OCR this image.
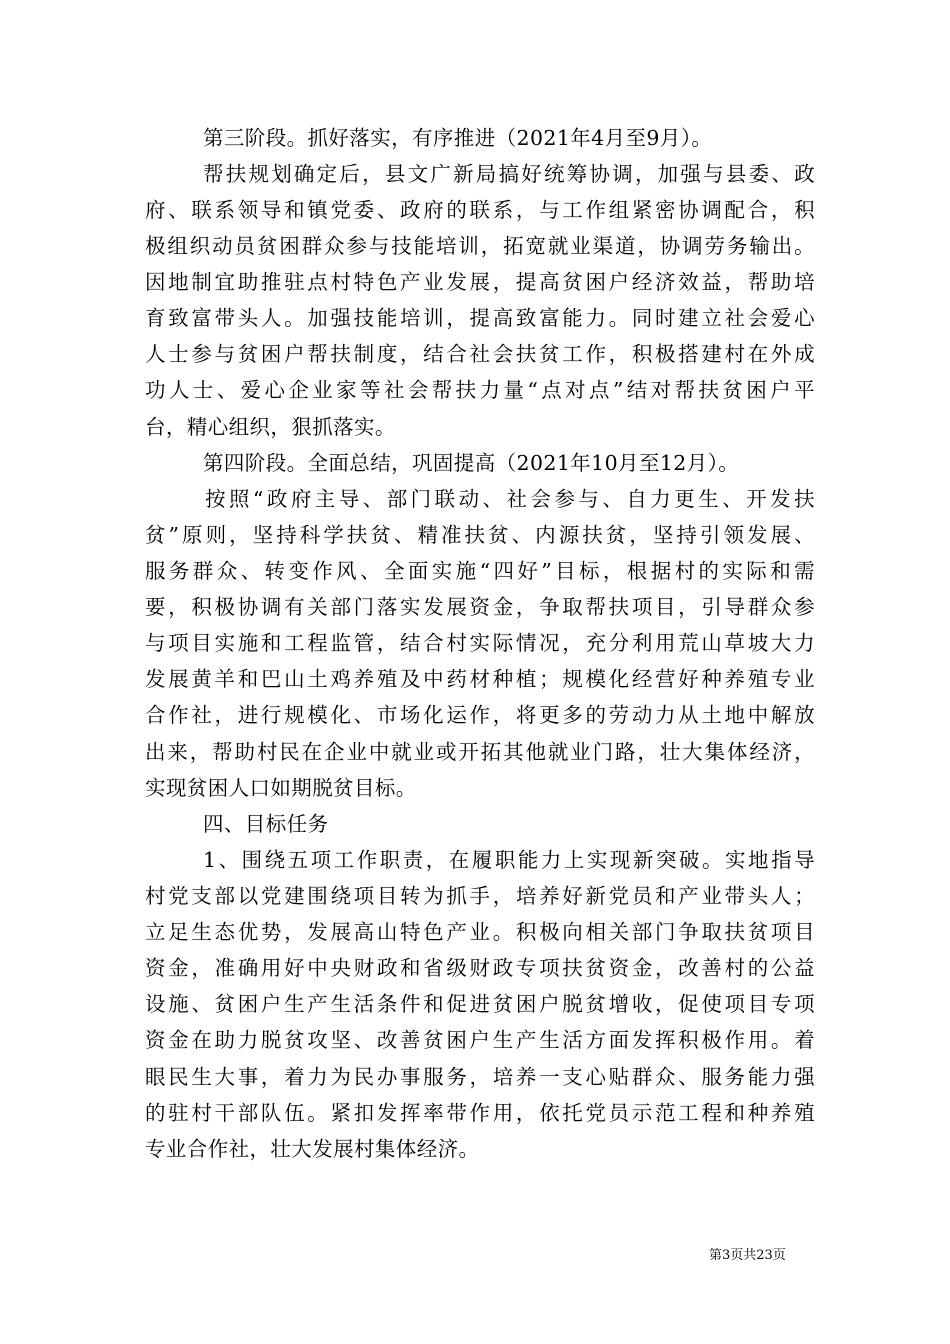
第三阶段。抓好落实，有序推进（2021年4月至9月）。
帮扶规划确定后，县文广新局搞好统筹协调，加强与县委、政
府、联系领导和镇党委、政府的联系，与工作组紧密协调配合，积
极组织动员贫困群众参与技能培训，拓宽就业渠道，协调劳务输出。
因地制宜助推驻点村特色产业发展，提高贫困户经济效益，帮助培
育致富带头人。加强技能培训，提高致富能力。同时建立社会爱心
人士参与贫困户帮扶制度，结合社会扶贫工作，积极搭建村在外成
功人士、爱心企业家等社会帮扶力量“点对点”结对帮扶贫困户平
台，精心组织，狠抓落实。
第四阶段。全面总结，巩固提高（2021年10月至12月）。
按照“政府主导、部门联动、社会参与、自力更生、开发扶
贫”原则，坚持科学扶贫、精准扶贫、内源扶贫，坚持引领发展、
服务群众、转变作风、全面实施“四好”目标，根据村的实际和需
要，积极协调有关部门落实发展资金，争取帮扶项目，引导群众参
与项目实施和工程监管，结合村实际情况，充分利用荒山草坡大力
发展黄羊和巴山土鸡养殖及中药材种植；规模化经营好种养殖专业
合作社，进行规模化、市场化运作，将更多的劳动力从土地中解放
出来，帮助村民在企业中就业或开拓其他就业门路，壮大集体经济，
实现贫困人口如期脱贫目标。
四、目标任务
1、围绕五项工作职责，在履职能力上实现新突破。实地指导
村党支部以党建围绕项目转为抓手，培养好新党员和产业带头人；
立足生态优势，发展高山特色产业。积极向相关部门争取扶贫项目
资金，准确用好中央财政和省级财政专项扶贫资金，改善村的公益
设施、贫困户生产生活条件和促进贫困户脱贫增收，促使项目专项
资金在助力脱贫攻坚、改善贫困户生产生活方面发挥积极作用。着
眼民生大事，着力为民办事服务，培养一支心贴群众、服务能力强
的驻村干部队伍。紧扣发挥率带作用，依托党员示范工程和种养殖
专业合作社，壮大发展村集体经济。
第3页共23页
